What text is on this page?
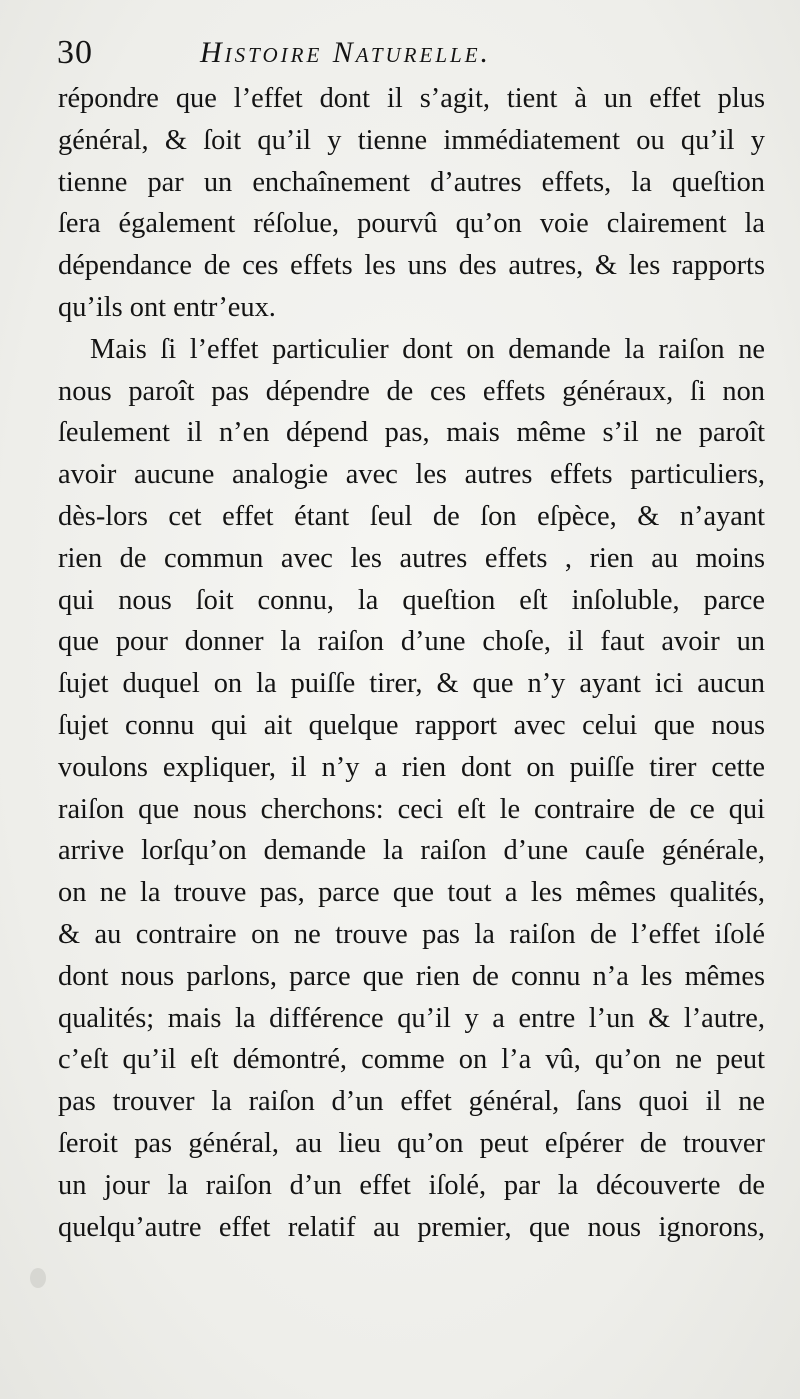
30	Histoire Naturelle.
répondre que l’effet dont il s’agit, tient à un effet plus
général, & ſoit qu’il y tienne immédiatement ou qu’il y
tienne par un enchaînement d’autres effets, la queſtion
ſera également réſolue, pourvû qu’on voie clairement la
dépendance de ces effets les uns des autres, & les rapports
qu’ils ont entr’eux.
Mais ſi l’effet particulier dont on demande la raiſon ne
nous paroît pas dépendre de ces effets généraux, ſi non
ſeulement il n’en dépend pas, mais même s’il ne paroît
avoir aucune analogie avec les autres effets particuliers,
dès-lors cet effet étant ſeul de ſon eſpèce, & n’ayant
rien de commun avec les autres effets , rien au moins
qui nous ſoit connu, la queſtion eſt inſoluble, parce
que pour donner la raiſon d’une choſe, il faut avoir un
ſujet duquel on la puiſſe tirer, & que n’y ayant ici aucun
ſujet connu qui ait quelque rapport avec celui que nous
voulons expliquer, il n’y a rien dont on puiſſe tirer cette
raiſon que nous cherchons: ceci eſt le contraire de ce qui
arrive lorſqu’on demande la raiſon d’une cauſe générale,
on ne la trouve pas, parce que tout a les mêmes qualités,
& au contraire on ne trouve pas la raiſon de l’effet iſolé
dont nous parlons, parce que rien de connu n’a les mêmes
qualités; mais la différence qu’il y a entre l’un & l’autre,
c’eſt qu’il eſt démontré, comme on l’a vû, qu’on ne peut
pas trouver la raiſon d’un effet général, ſans quoi il ne
ſeroit pas général, au lieu qu’on peut eſpérer de trouver
un jour la raiſon d’un effet iſolé, par la découverte de
quelqu’autre effet relatif au premier, que nous ignorons,
